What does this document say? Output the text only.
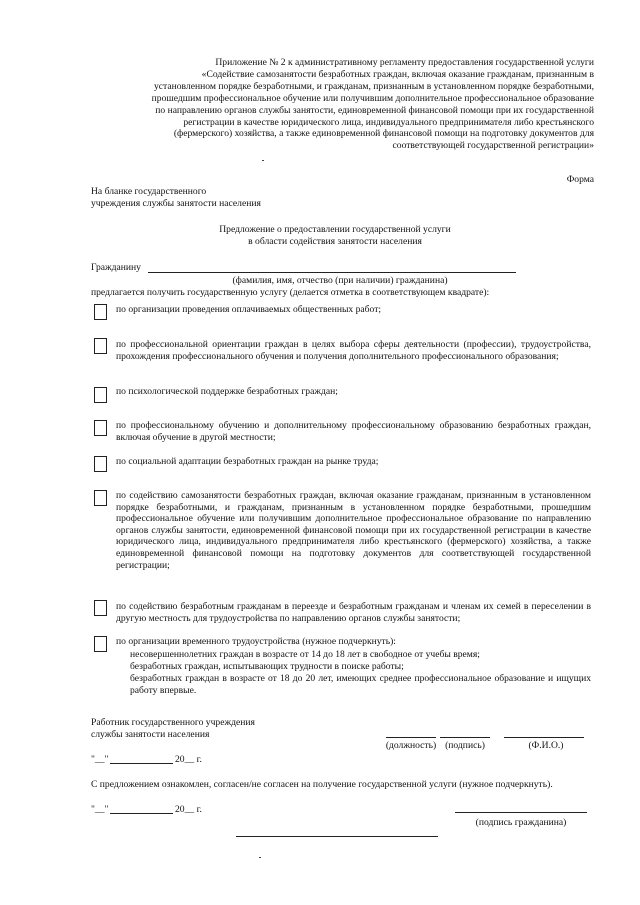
Приложение № 2 к административному регламенту предоставления государственной услуги
«Содействие самозанятости безработных граждан, включая оказание гражданам, признанным в
установленном порядке безработными, и гражданам, признанным в установленном порядке безработными,
прошедшим профессиональное обучение или получившим дополнительное профессиональное образование
по направлению органов службы занятости, единовременной финансовой помощи при их государственной
регистрации в качестве юридического лица, индивидуального предпринимателя либо крестьянского
(фермерского) хозяйства, а также единовременной финансовой помощи на подготовку документов для
соответствующей государственной регистрации»
Форма
На бланке государственного
учреждения службы занятости населения
Предложение о предоставлении государственной услуги
в области содействия занятости населения
Гражданину
(фамилия, имя, отчество (при наличии) гражданина)
предлагается получить государственную услугу (делается отметка в соответствующем квадрате):
по организации проведения оплачиваемых общественных работ;
по профессиональной ориентации граждан в целях выбора сферы деятельности (профессии), трудоустройства, прохождения профессионального обучения и получения дополнительного профессионального образования;
по психологической поддержке безработных граждан;
по профессиональному обучению и дополнительному профессиональному образованию безработных граждан, включая обучение в другой местности;
по социальной адаптации безработных граждан на рынке труда;
по содействию самозанятости безработных граждан, включая оказание гражданам, признанным в установленном порядке безработными, и гражданам, признанным в установленном порядке безработными, прошедшим профессиональное обучение или получившим дополнительное профессиональное образование по направлению органов службы занятости, единовременной финансовой помощи при их государственной регистрации в качестве юридического лица, индивидуального предпринимателя либо крестьянского (фермерского) хозяйства, а также единовременной финансовой помощи на подготовку документов для соответствующей государственной регистрации;
по содействию безработным гражданам в переезде и безработным гражданам и членам их семей в переселении в другую местность для трудоустройства по направлению органов службы занятости;
по организации временного трудоустройства (нужное подчеркнуть):
несовершеннолетних граждан в возрасте от 14 до 18 лет в свободное от учебы время;
безработных граждан, испытывающих трудности в поиске работы;
безработных граждан в возрасте от 18 до 20 лет, имеющих среднее профессиональное образование и ищущих работу впервые.
Работник государственного учреждения
службы занятости населения
(должность) (подпись)	(Ф.И.О.)
"__"	20__ г.
С предложением ознакомлен, согласен/не согласен на получение государственной услуги (нужное подчеркнуть).
"__"	20__ г.
(подпись гражданина)
